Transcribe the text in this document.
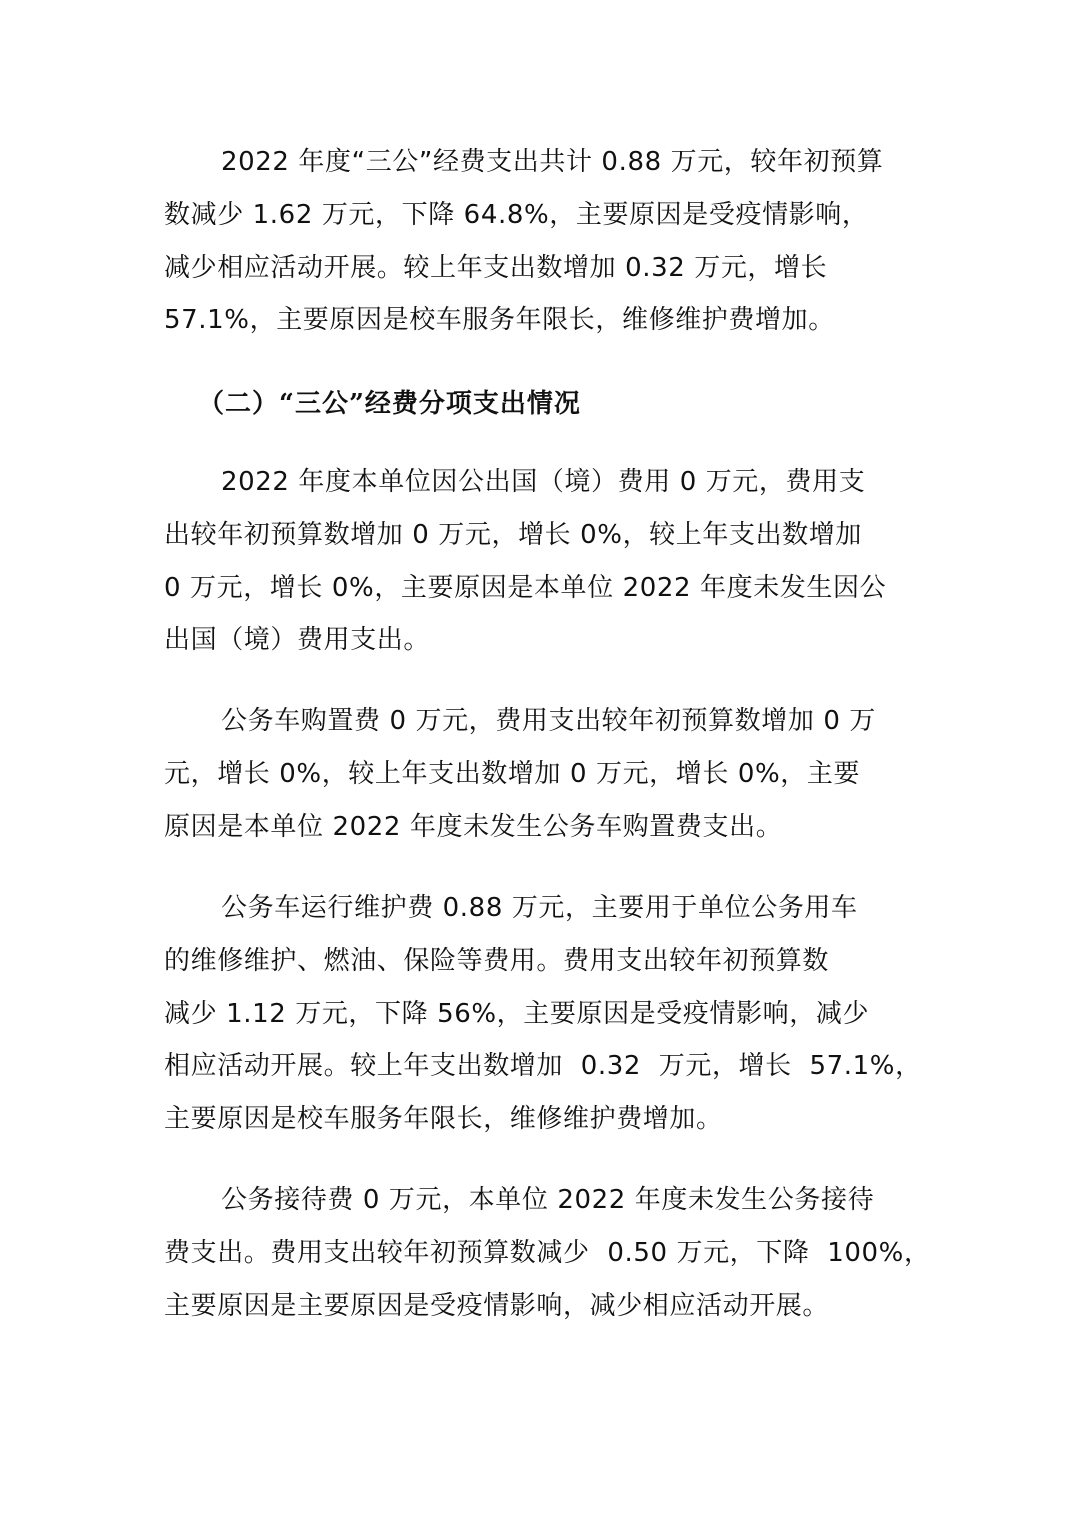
2022 年度“三公”经费支出共计 0.88 万元，较年初预算
数减少 1.62 万元，下降 64.8%，主要原因是受疫情影响，
减少相应活动开展。较上年支出数增加 0.32 万元，增长
57.1%，主要原因是校车服务年限长，维修维护费增加。

（二）“三公”经费分项支出情况

2022 年度本单位因公出国（境）费用 0 万元，费用支
出较年初预算数增加 0 万元，增长 0%，较上年支出数增加
0 万元，增长 0%，主要原因是本单位 2022 年度未发生因公
出国（境）费用支出。

公务车购置费 0 万元，费用支出较年初预算数增加 0 万
元，增长 0%，较上年支出数增加 0 万元，增长 0%，主要
原因是本单位 2022 年度未发生公务车购置费支出。

公务车运行维护费 0.88 万元，主要用于单位公务用车
的维修维护、燃油、保险等费用。费用支出较年初预算数
减少 1.12 万元，下降 56%，主要原因是受疫情影响，减少
相应活动开展。较上年支出数增加  0.32  万元，增长  57.1%，
主要原因是校车服务年限长，维修维护费增加。

公务接待费 0 万元，本单位 2022 年度未发生公务接待
费支出。费用支出较年初预算数减少  0.50 万元，下降  100%，
主要原因是主要原因是受疫情影响，减少相应活动开展。
